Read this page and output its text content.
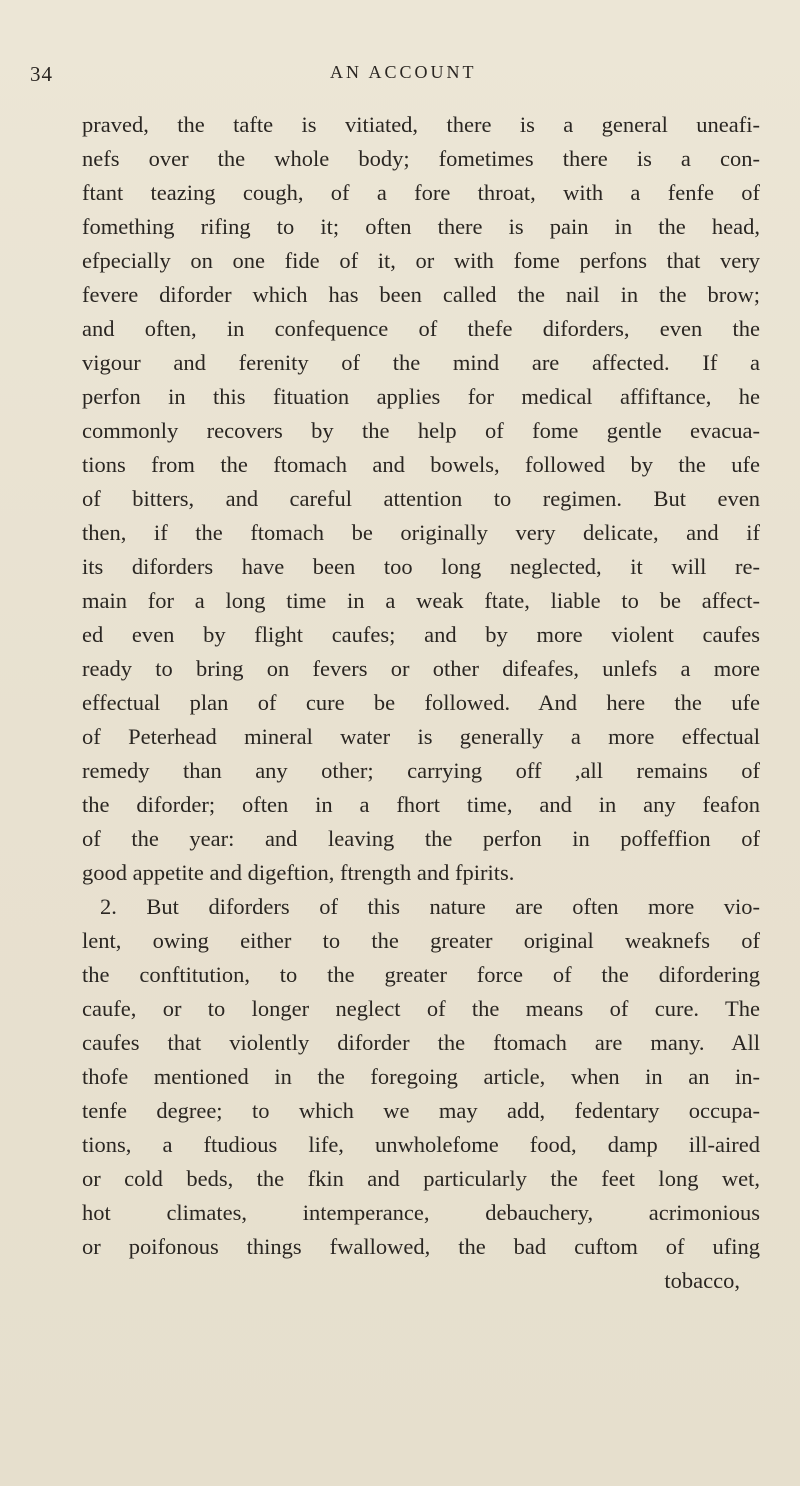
34	AN ACCOUNT
praved, the tafte is vitiated, there is a general uneafi-
nefs over the whole body; fometimes there is a con-
ftant teazing cough, of a fore throat, with a fenfe of
fomething rifing to it; often there is pain in the head,
efpecially on one fide of it, or with fome perfons that very
fevere diforder which has been called the nail in the brow;
and often, in confequence of thefe diforders, even the
vigour and ferenity of the mind are affected. If a
perfon in this fituation applies for medical affiftance, he
commonly recovers by the help of fome gentle evacua-
tions from the ftomach and bowels, followed by the ufe
of bitters, and careful attention to regimen. But even
then, if the ftomach be originally very delicate, and if
its diforders have been too long neglected, it will re-
main for a long time in a weak ftate, liable to be affect-
ed even by flight caufes; and by more violent caufes
ready to bring on fevers or other difeafes, unlefs a more
effectual plan of cure be followed. And here the ufe
of Peterhead mineral water is generally a more effectual
remedy than any other; carrying off ,all remains of
the diforder; often in a fhort time, and in any feafon
of the year: and leaving the perfon in poffeffion of
good appetite and digeftion, ftrength and fpirits.
2. But diforders of this nature are often more vio-
lent, owing either to the greater original weaknefs of
the conftitution, to the greater force of the difordering
caufe, or to longer neglect of the means of cure. The
caufes that violently diforder the ftomach are many. All
thofe mentioned in the foregoing article, when in an in-
tenfe degree; to which we may add, fedentary occupa-
tions, a ftudious life, unwholefome food, damp ill-aired
or cold beds, the fkin and particularly the feet long wet,
hot climates, intemperance, debauchery, acrimonious
or poifonous things fwallowed, the bad cuftom of ufing
tobacco,
